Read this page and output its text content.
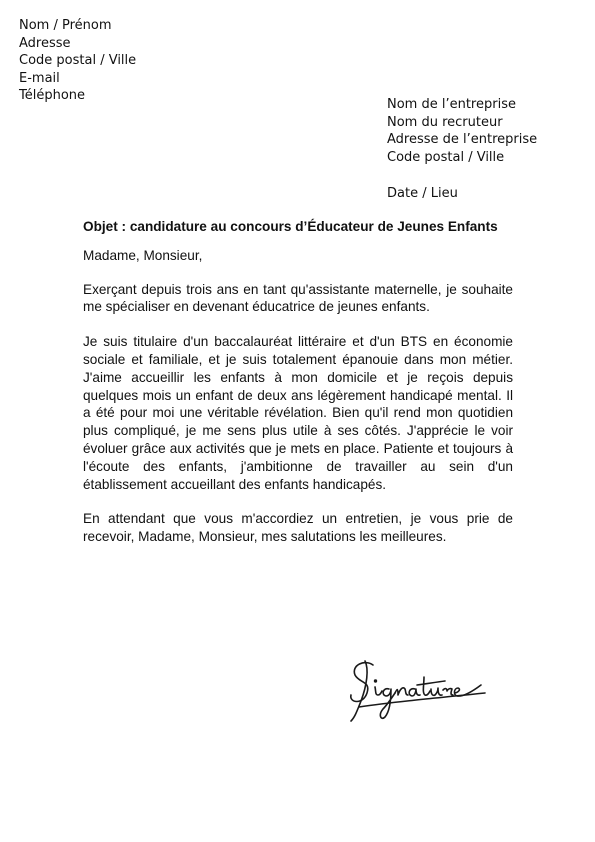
Nom / Prénom
Adresse
Code postal / Ville
E-mail
Téléphone
Nom de l’entreprise
Nom du recruteur
Adresse de l’entreprise
Code postal / Ville
Date / Lieu
Objet : candidature au concours d’Éducateur de Jeunes Enfants
Madame, Monsieur,
Exerçant depuis trois ans en tant qu'assistante maternelle, je souhaite me spécialiser en devenant éducatrice de jeunes enfants.
Je suis titulaire d'un baccalauréat littéraire et d'un BTS en économie sociale et familiale, et je suis totalement épanouie dans mon métier. J'aime accueillir les enfants à mon domicile et je reçois depuis quelques mois un enfant de deux ans légèrement handicapé mental. Il a été pour moi une véritable révélation. Bien qu'il rend mon quotidien plus compliqué, je me sens plus utile à ses côtés. J'apprécie le voir évoluer grâce aux activités que je mets en place. Patiente et toujours à l'écoute des enfants, j'ambitionne de travailler au sein d'un établissement accueillant des enfants handicapés.
En attendant que vous m'accordiez un entretien, je vous prie de recevoir, Madame, Monsieur, mes salutations les meilleures.
